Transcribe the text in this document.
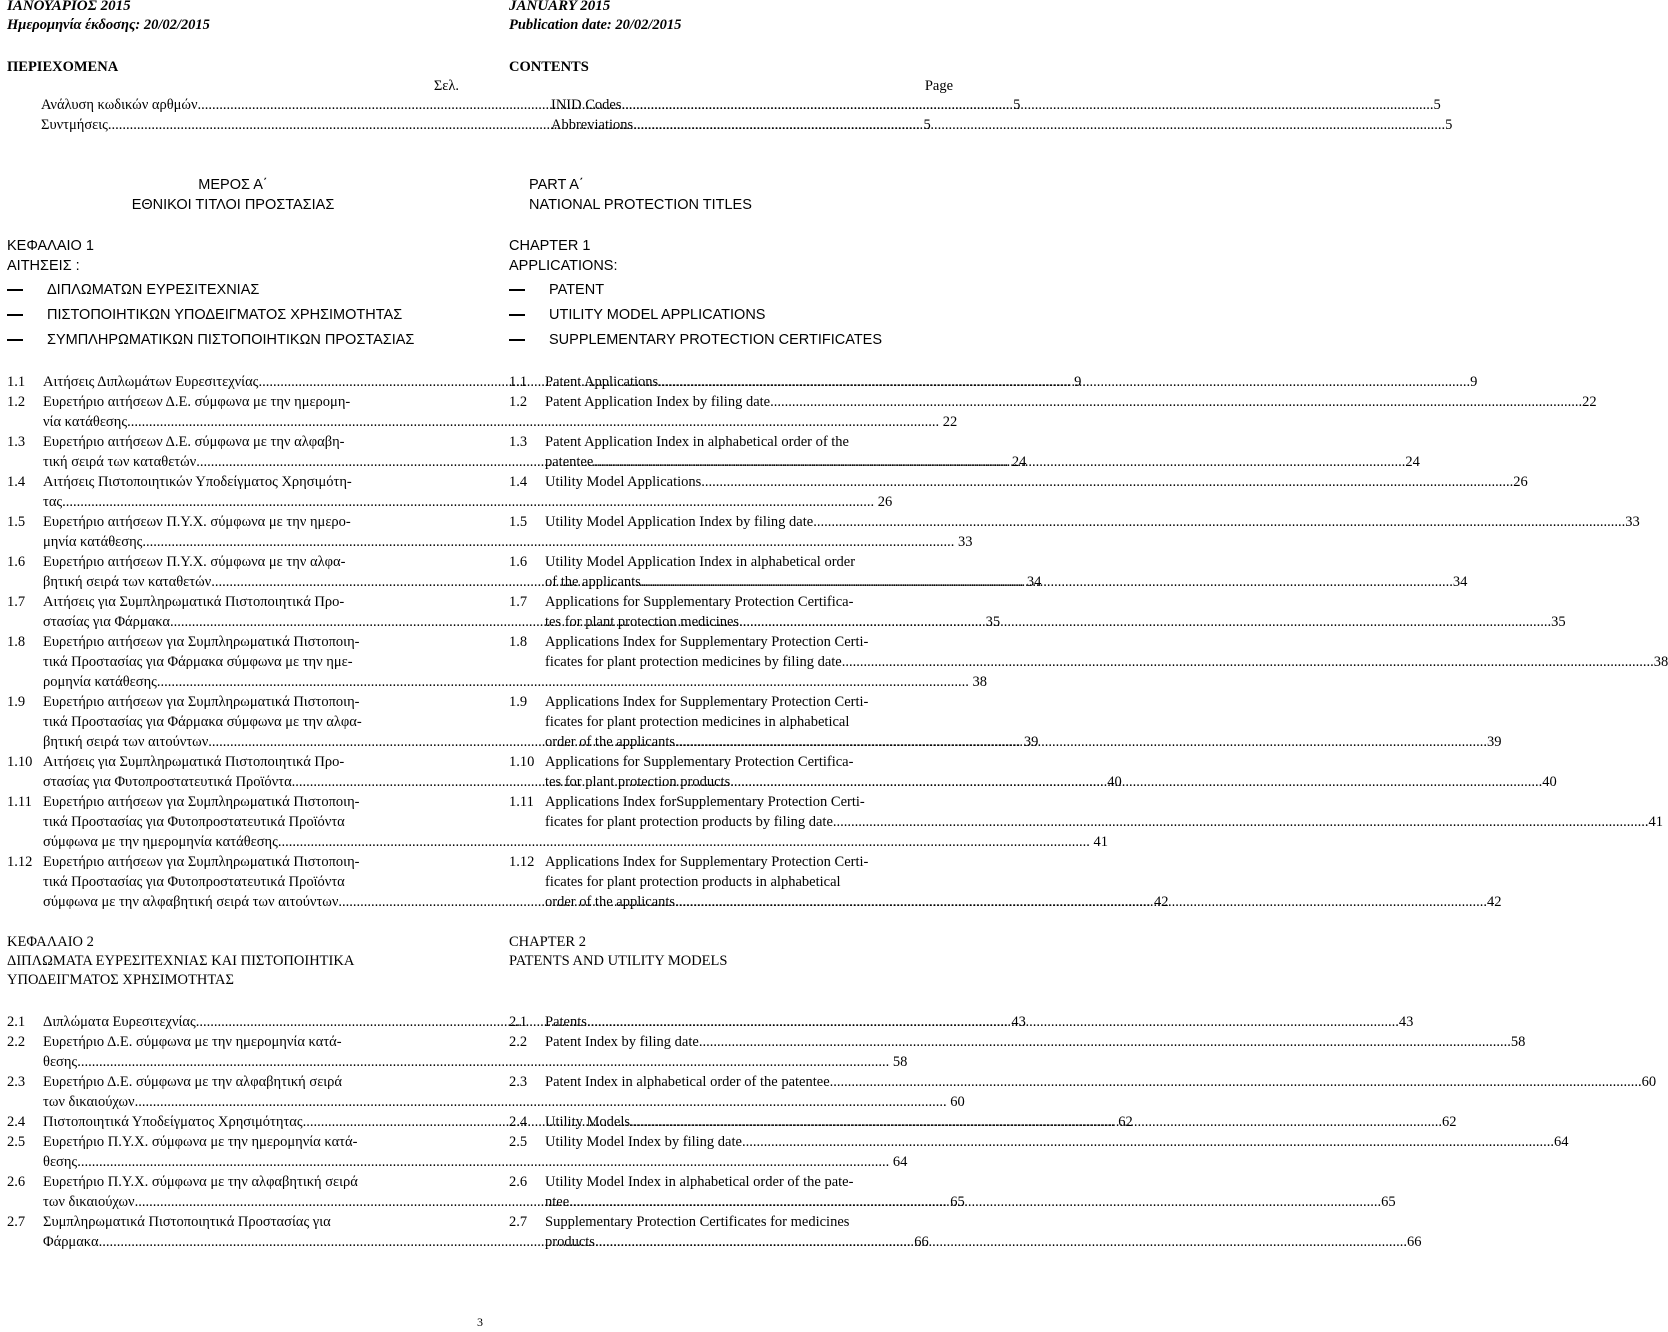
ΙΑΝΟΥΑΡΙΟΣ 2015
Ημερομηνία έκδοσης: 20/02/2015
ΠΕΡΙΕΧΟΜΕΝΑ
Σελ.
Ανάλυση κωδικών αρθμών .....	5
Συντμήσεις .....	5
ΜΕΡΟΣ Α΄
ΕΘΝΙΚΟΙ ΤΙΤΛΟΙ ΠΡΟΣΤΑΣΙΑΣ
ΚΕΦΑΛΑΙΟ 1
ΑΙΤΗΣΕΙΣ :
ΔΙΠΛΩΜΑΤΩΝ ΕΥΡΕΣΙΤΕΧΝΙΑΣ
ΠΙΣΤΟΠΟΙΗΤΙΚΩΝ ΥΠΟΔΕΙΓΜΑΤΟΣ ΧΡΗΣΙΜΟΤΗΤΑΣ
ΣΥΜΠΛΗΡΩΜΑΤΙΚΩΝ ΠΙΣΤΟΠΟΙΗΤΙΚΩΝ ΠΡΟΣΤΑΣΙΑΣ
ΚΕΦΑΛΑΙΟ 2
ΔΙΠΛΩΜΑΤΑ ΕΥΡΕΣΙΤΕΧΝΙΑΣ ΚΑΙ ΠΙΣΤΟΠΟΙΗΤΙΚΑ
ΥΠΟΔΕΙΓΜΑΤΟΣ ΧΡΗΣΙΜΟΤΗΤΑΣ
1.1	Αιτήσεις Διπλωμάτων Ευρεσιτεχνίας .....	9
1.2	Ευρετήριο αιτήσεων Δ.Ε. σύμφωνα με την ημερομη-
νία κατάθεσης .....	22
1.3	Ευρετήριο αιτήσεων Δ.Ε. σύμφωνα με την αλφαβη-
τική σειρά των καταθετών .....	24
1.4	Αιτήσεις Πιστοποιητικών Υποδείγματος Χρησιμότη-
τας .....	26
1.5	Ευρετήριο αιτήσεων Π.Υ.Χ. σύμφωνα με την ημερο-
μηνία κατάθεσης .....	33
1.6	Ευρετήριο αιτήσεων Π.Υ.Χ. σύμφωνα με την αλφα-
βητική σειρά των καταθετών .....	34
1.7	Αιτήσεις για Συμπληρωματικά Πιστοποιητικά Προ-
στασίας για Φάρμακα .....	35
1.8	Ευρετήριο αιτήσεων για Συμπληρωματικά Πιστοποιη-
τικά Προστασίας για Φάρμακα σύμφωνα με την ημε-
ρομηνία κατάθεσης .....	38
1.9	Ευρετήριο αιτήσεων για Συμπληρωματικά Πιστοποιη-
τικά Προστασίας για Φάρμακα σύμφωνα με την αλφα-
βητική σειρά των αιτούντων .....	39
1.10 Αιτήσεις για Συμπληρωματικά Πιστοποιητικά Προ-
στασίας για Φυτοπροστατευτικά Προϊόντα .....	40
1.11 Ευρετήριο αιτήσεων για Συμπληρωματικά Πιστοποιη-
τικά Προστασίας για Φυτοπροστατευτικά Προϊόντα
σύμφωνα με την ημερομηνία κατάθεσης .....	41
1.12 Ευρετήριο αιτήσεων για Συμπληρωματικά Πιστοποιη-
τικά Προστασίας για Φυτοπροστατευτικά Προϊόντα
σύμφωνα με την αλφαβητική σειρά των αιτούντων .....	42
2.1	Διπλώματα Ευρεσιτεχνίας .....	43
2.2	Ευρετήριο Δ.Ε. σύμφωνα με την ημερομηνία κατά-
θεσης .....	58
2.3	Ευρετήριο Δ.Ε. σύμφωνα με την αλφαβητική σειρά
των δικαιούχων .....	60
2.4	Πιστοποιητικά Υποδείγματος Χρησιμότητας .....	62
2.5	Ευρετήριο Π.Υ.Χ. σύμφωνα με την ημερομηνία κατά-
θεσης .....	64
2.6	Ευρετήριο Π.Υ.Χ. σύμφωνα με την αλφαβητική σειρά
των δικαιούχων .....	65
2.7	Συμπληρωματικά Πιστοποιητικά Προστασίας για
Φάρμακα .....	66
JANUARY 2015
Publication date: 20/02/2015
CONTENTS
Page
INID Codes .....	5
Abbreviations .....	5
PART A΄
NATIONAL PROTECTION TITLES
CHAPTER 1
APPLICATIONS:
PATENT
UTILITY MODEL APPLICATIONS
SUPPLEMENTARY PROTECTION CERTIFICATES
CHAPTER 2
PATENTS AND UTILITY MODELS
1.1	Patent Applications .....	9
1.2	Patent Application Index by filing date .....	22
1.3	Patent Application Index in alphabetical order of the
patentee .....	24
1.4	Utility Model Applications .....	26
1.5	Utility Model Application Index by filing date .....	33
1.6	Utility Model Application Index in alphabetical order
of the applicants .....	34
1.7	Applications for Supplementary Protection Certifica-
tes for plant protection medicines .....	35
1.8	Applications Index for Supplementary Protection Certi-
ficates for plant protection medicines by filing date .....	38
1.9	Applications Index for Supplementary Protection Certi-
ficates for plant protection medicines in alphabetical
order of the applicants .....	39
1.10 Applications for Supplementary Protection Certifica-
tes for plant protection products .....	40
1.11 Applications Index forSupplementary Protection Certi-
ficates for plant protection products by filing date. .....	41
1.12 Applications Index for Supplementary Protection Certi-
ficates for plant protection products in alphabetical
order of the applicants .....	42
2.1	Patents .....	43
2.2	Patent Index by filing date .....	58
2.3	Patent Index in alphabetical order of the patentee .....	60
2.4	Utility Models .....	62
2.5	Utility Model Index by filing date .....	64
2.6	Utility Model Index in alphabetical order of the pate-
ntee .....	65
2.7	Supplementary Protection Certificates for medicines
products .....	66
3
